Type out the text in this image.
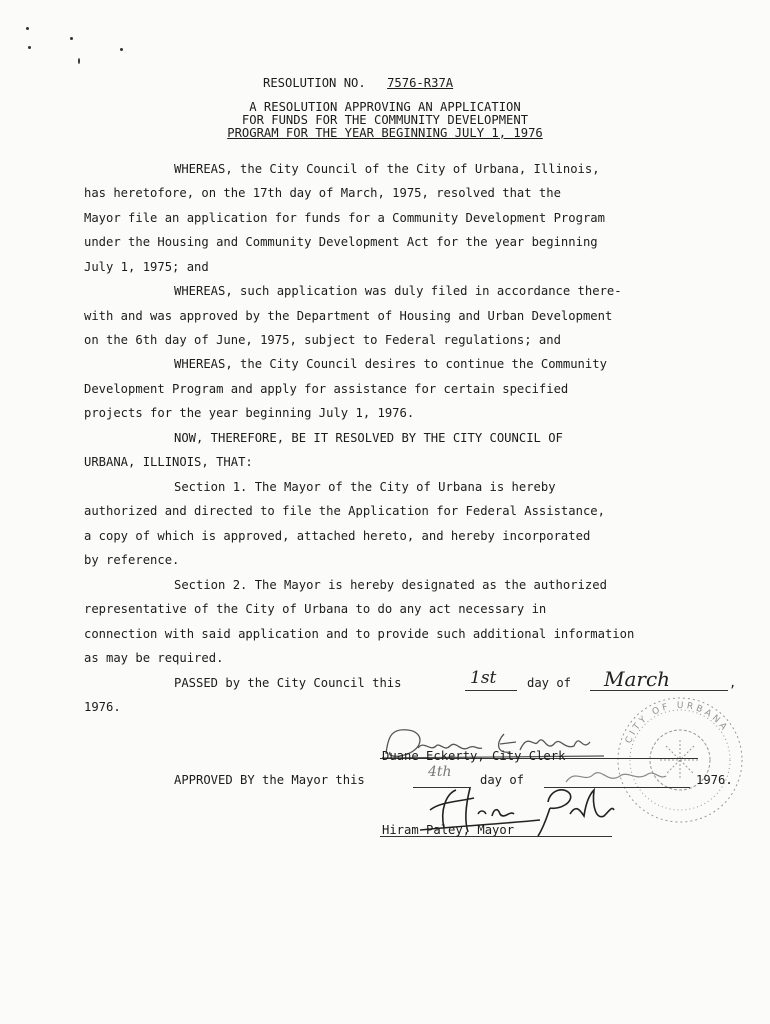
RESOLUTION NO. 7576-R37A
A RESOLUTION APPROVING AN APPLICATION
FOR FUNDS FOR THE COMMUNITY DEVELOPMENT
PROGRAM FOR THE YEAR BEGINNING JULY 1, 1976
WHEREAS, the City Council of the City of Urbana, Illinois,
has heretofore, on the 17th day of March, 1975, resolved that the
Mayor file an application for funds for a Community Development Program
under the Housing and Community Development Act for the year beginning
July 1, 1975; and
WHEREAS, such application was duly filed in accordance there-
with and was approved by the Department of Housing and Urban Development
on the 6th day of June, 1975, subject to Federal regulations; and
WHEREAS, the City Council desires to continue the Community
Development Program and apply for assistance for certain specified
projects for the year beginning July 1, 1976.
NOW, THEREFORE, BE IT RESOLVED BY THE CITY COUNCIL OF
URBANA, ILLINOIS, THAT:
Section 1. The Mayor of the City of Urbana is hereby
authorized and directed to file the Application for Federal Assistance,
a copy of which is approved, attached hereto, and hereby incorporated
by reference.
Section 2. The Mayor is hereby designated as the authorized
representative of the City of Urbana to do any act necessary in
connection with said application and to provide such additional information
as may be required.
PASSED by the City Council this	1st	day of March	,
1976.
CITY OF URBANA
Duane Eckerty, City Clerk
APPROVED BY the Mayor this	4th day of	1976.
Hiram Paley, Mayor
